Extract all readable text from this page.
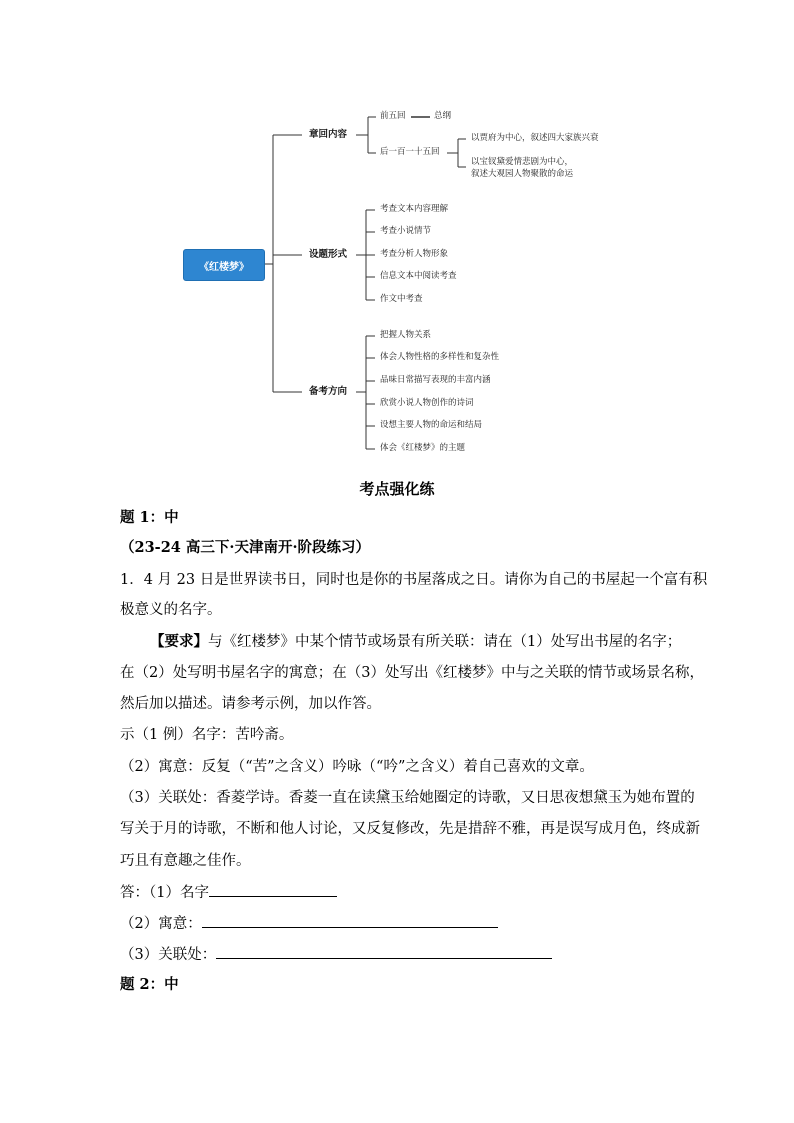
《红楼梦》
章回内容
前五回	总纲
后一百一十五回
以贾府为中心，叙述四大家族兴衰
以宝钗黛爱情悲剧为中心，
叙述大观园人物聚散的命运
设题形式
考查文本内容理解
考查小说情节
考查分析人物形象
信息文本中阅读考查
作文中考查
备考方向
把握人物关系
体会人物性格的多样性和复杂性
品味日常描写表现的丰富内涵
欣赏小说人物创作的诗词
设想主要人物的命运和结局
体会《红楼梦》的主题
考点强化练
题 1：中
（23-24 高三下·天津南开·阶段练习）
1．4 月 23 日是世界读书日，同时也是你的书屋落成之日。请你为自己的书屋起一个富有积
极意义的名字。
【要求】与《红楼梦》中某个情节或场景有所关联：请在（1）处写出书屋的名字；
在（2）处写明书屋名字的寓意；在（3）处写出《红楼梦》中与之关联的情节或场景名称，
然后加以描述。请参考示例，加以作答。
示（1 例）名字：苦吟斋。
（2）寓意：反复（“苦”之含义）吟咏（“吟”之含义）着自己喜欢的文章。
（3）关联处：香菱学诗。香菱一直在读黛玉给她圈定的诗歌，又日思夜想黛玉为她布置的
写关于月的诗歌，不断和他人讨论，又反复修改，先是措辞不雅，再是误写成月色，终成新
巧且有意趣之佳作。
答：（1）名字
（2）寓意：
（3）关联处：
题 2：中
